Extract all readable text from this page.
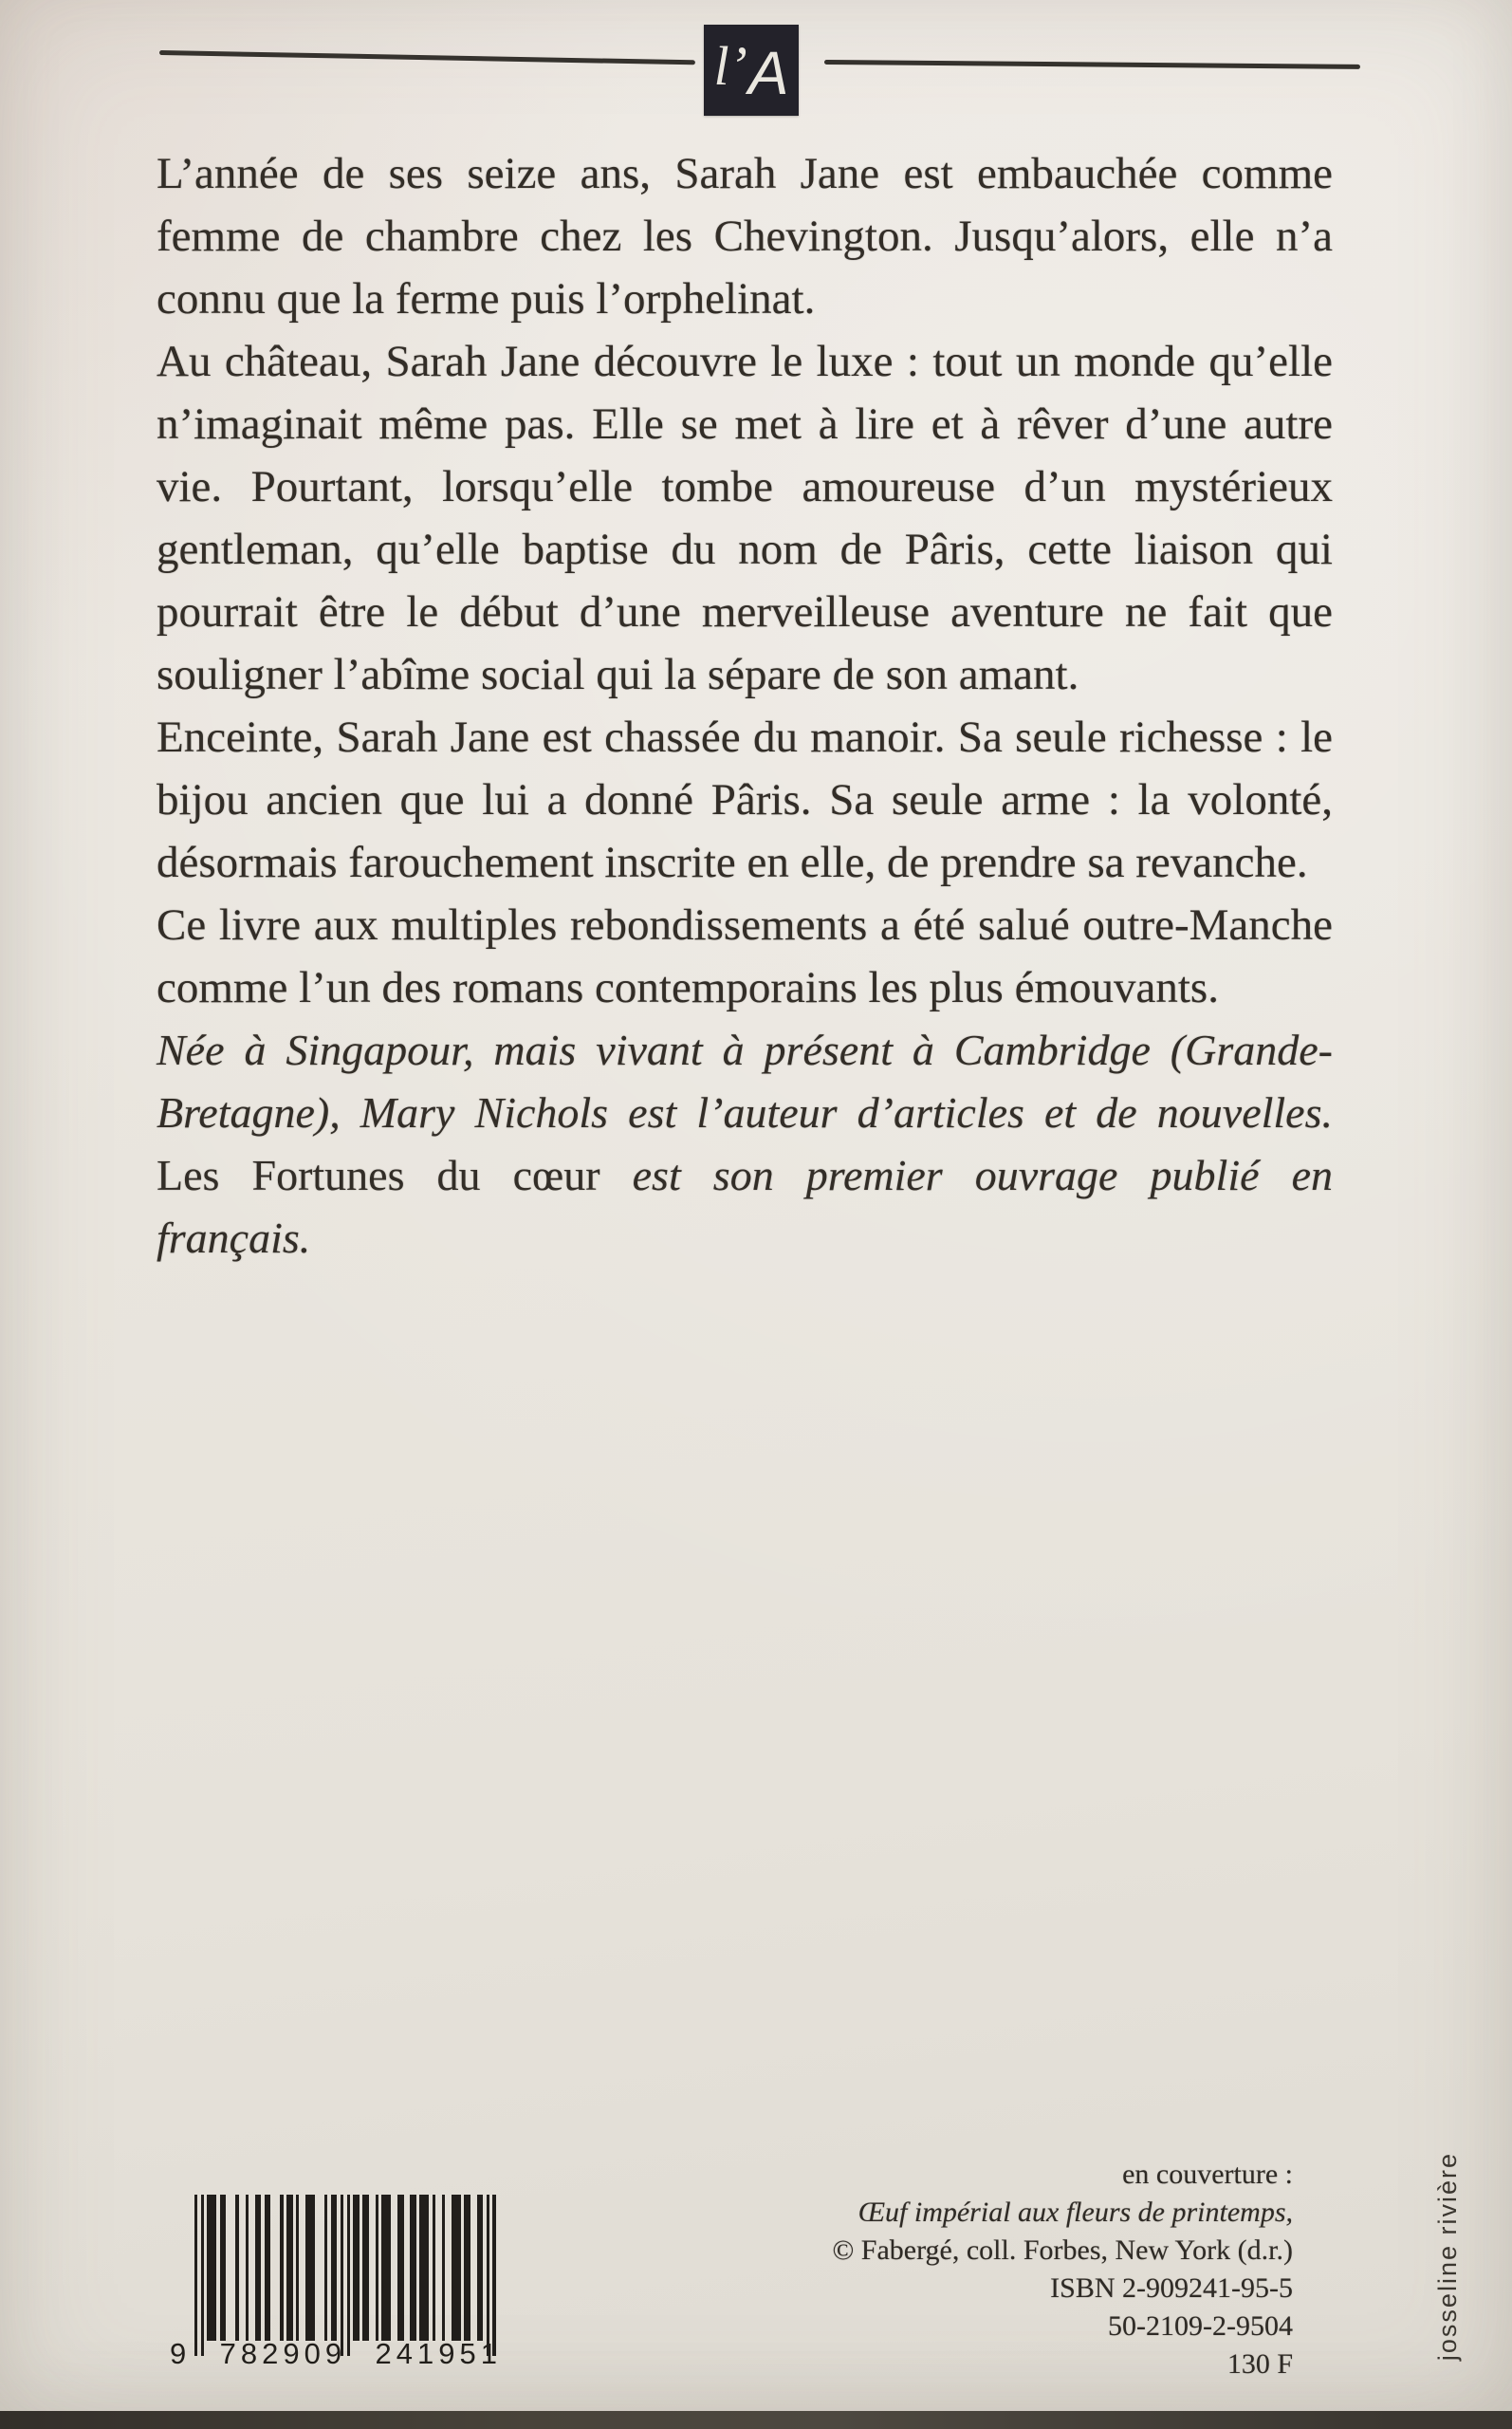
l’ A

L’année de ses seize ans, Sarah Jane est embauchée comme
femme de chambre chez les Chevington. Jusqu’alors, elle n’a
connu que la ferme puis l’orphelinat.

Au château, Sarah Jane découvre le luxe : tout un monde qu’elle
n’imaginait même pas. Elle se met à lire et à rêver d’une autre
vie. Pourtant, lorsqu’elle tombe amoureuse d’un mystérieux
gentleman, qu’elle baptise du nom de Pâris, cette liaison qui
pourrait être le début d’une merveilleuse aventure ne fait que
souligner l’abîme social qui la sépare de son amant.

Enceinte, Sarah Jane est chassée du manoir. Sa seule richesse : le
bijou ancien que lui a donné Pâris. Sa seule arme : la volonté,
désormais farouchement inscrite en elle, de prendre sa revanche.

Ce livre aux multiples rebondissements a été salué outre-Manche
comme l’un des romans contemporains les plus émouvants.

Née à Singapour, mais vivant à présent à Cambridge (Grande-
Bretagne), Mary Nichols est l’auteur d’articles et de nouvelles.
Les Fortunes du cœur est son premier ouvrage publié en
français.

en couverture :
Œuf impérial aux fleurs de printemps,
© Fabergé, coll. Forbes, New York (d.r.)
ISBN 2-909241-95-5
50-2109-2-9504
130 F
9 782909 241951	josseline rivière
